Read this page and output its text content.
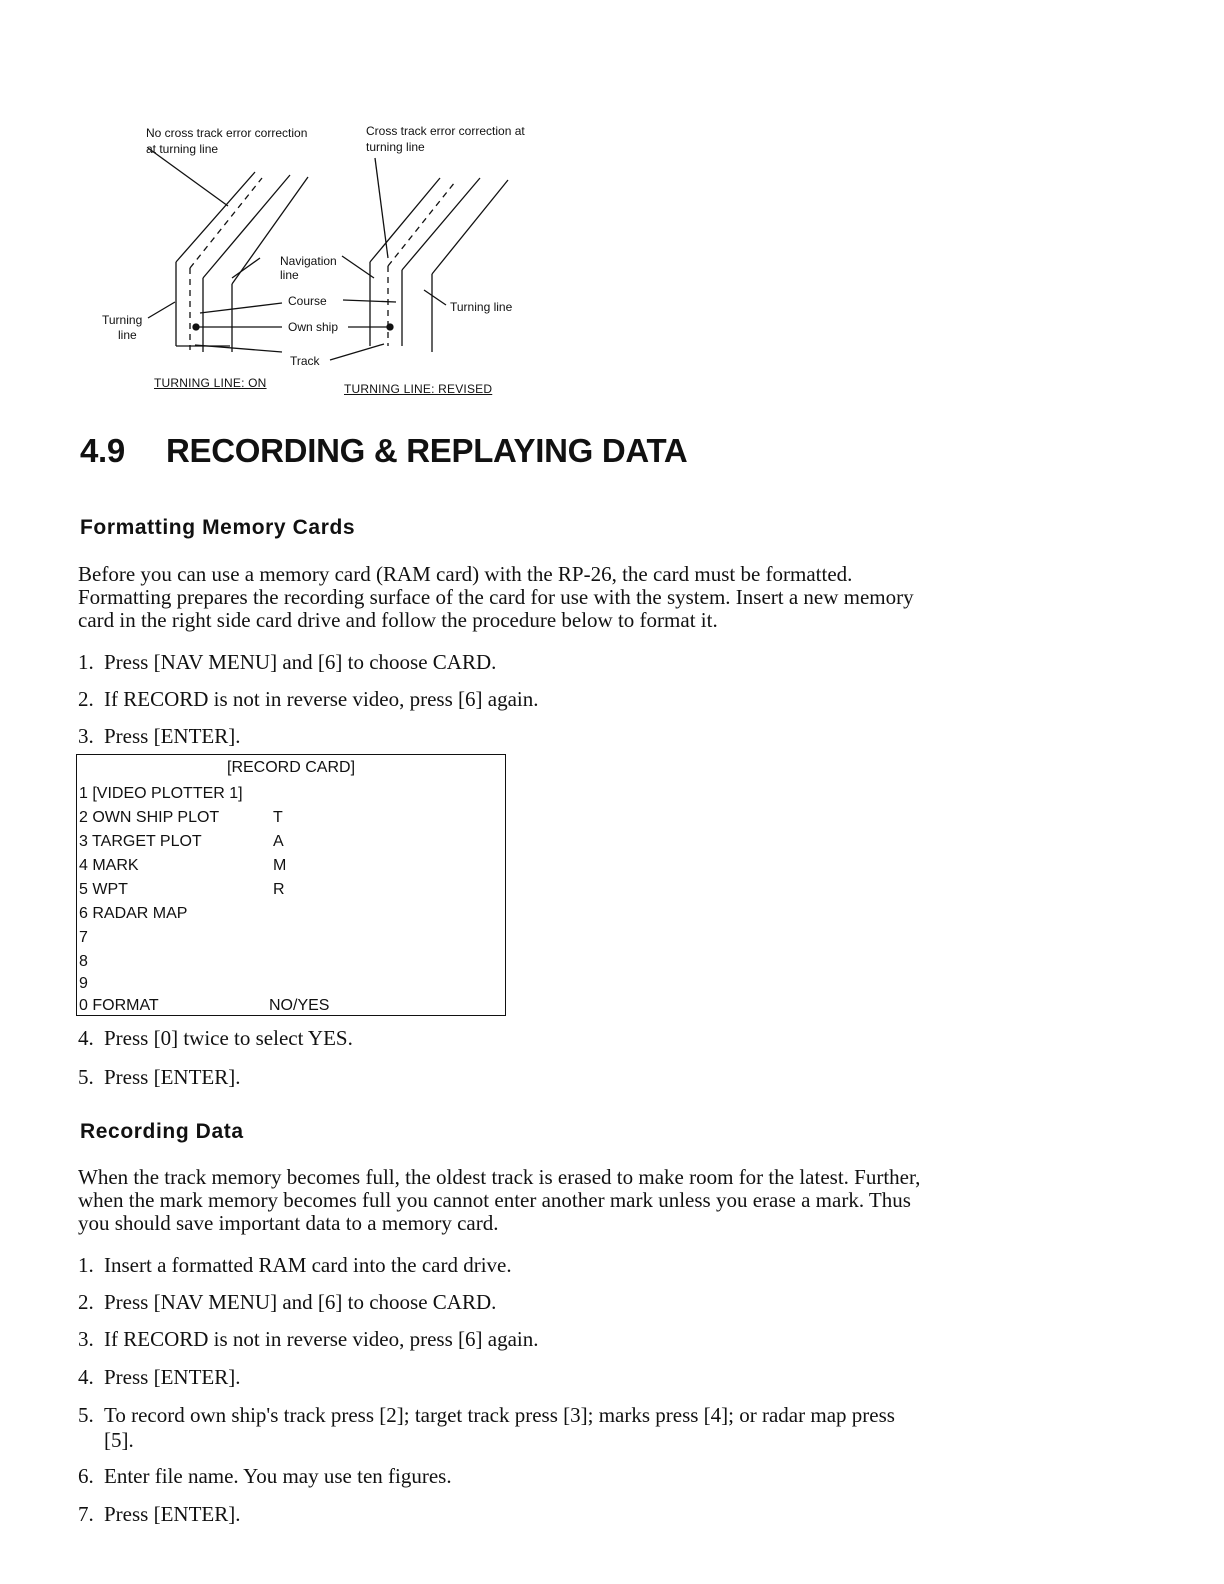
No cross track error correction
at turning line
Cross track error correction at
turning line
Navigation
line
Course
Own ship
Track
Turning
line
Turning line
TURNING LINE: ON	TURNING LINE: REVISED
4.9 RECORDING & REPLAYING DATA
Formatting Memory Cards
Before you can use a memory card (RAM card) with the RP-26, the card must be formatted.
Formatting prepares the recording surface of the card for use with the system. Insert a new memory
card in the right side card drive and follow the procedure below to format it.
1. Press [NAV MENU] and [6] to choose CARD.
2. If RECORD is not in reverse video, press [6] again.
3. Press [ENTER].
[RECORD CARD]
1 [VIDEO PLOTTER 1]
2 OWN SHIP PLOT	T
3 TARGET PLOT	A
4 MARK	M
5 WPT	R
6 RADAR MAP
7
8
9
0 FORMAT	NO/YES
4. Press [0] twice to select YES.
5. Press [ENTER].
Recording Data
When the track memory becomes full, the oldest track is erased to make room for the latest. Further,
when the mark memory becomes full you cannot enter another mark unless you erase a mark. Thus
you should save important data to a memory card.
1. Insert a formatted RAM card into the card drive.
2. Press [NAV MENU] and [6] to choose CARD.
3. If RECORD is not in reverse video, press [6] again.
4. Press [ENTER].
5. To record own ship's track press [2]; target track press [3]; marks press [4]; or radar map press
[5].
6. Enter file name. You may use ten figures.
7. Press [ENTER].
